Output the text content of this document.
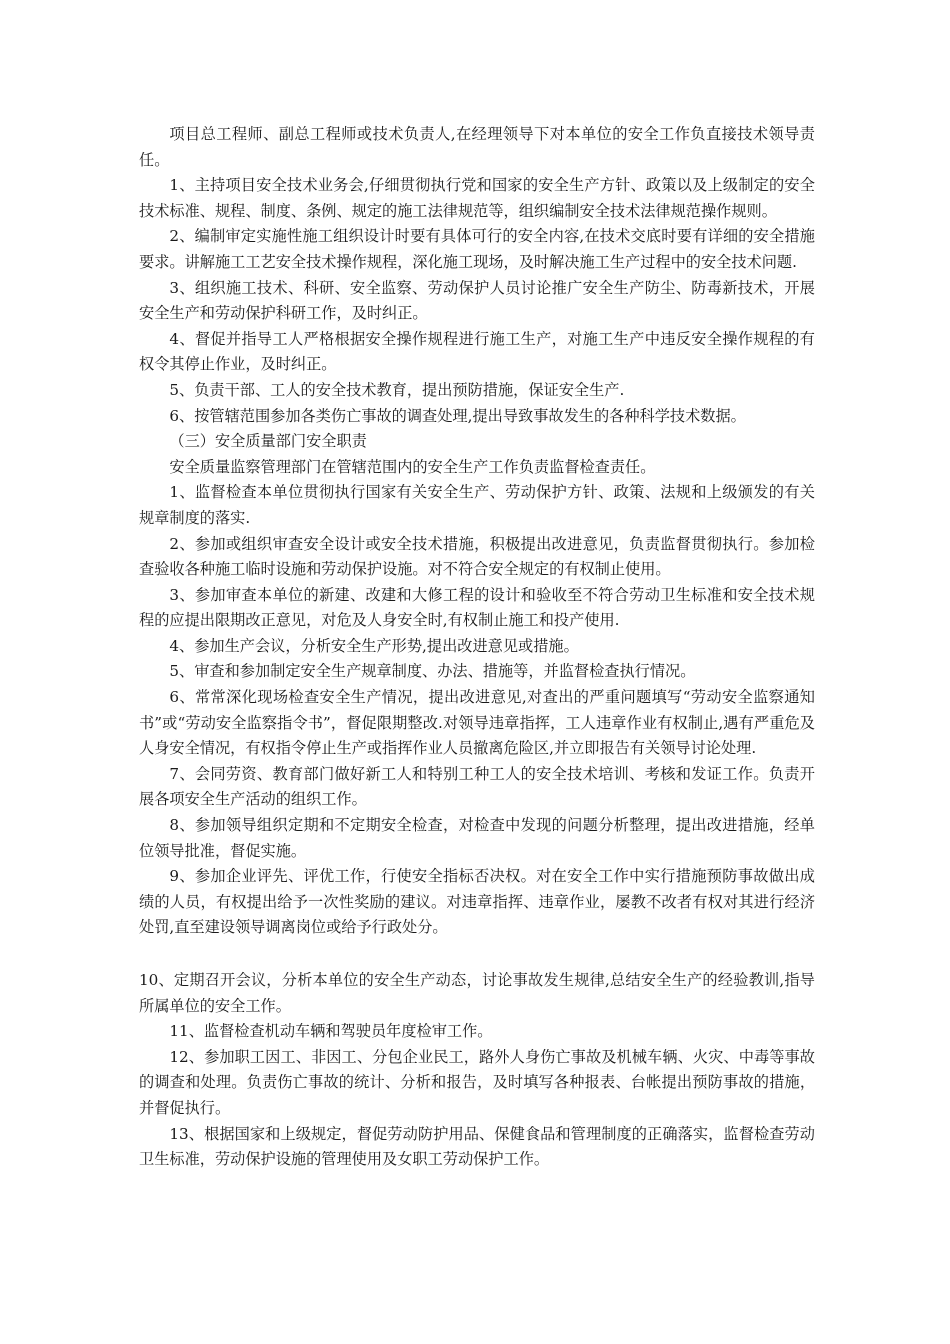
项目总工程师、副总工程师或技术负责人,在经理领导下对本单位的安全工作负直接技术领导责任。

1、主持项目安全技术业务会,仔细贯彻执行党和国家的安全生产方针、政策以及上级制定的安全技术标准、规程、制度、条例、规定的施工法律规范等，组织编制安全技术法律规范操作规则。

2、编制审定实施性施工组织设计时要有具体可行的安全内容,在技术交底时要有详细的安全措施要求。讲解施工工艺安全技术操作规程，深化施工现场，及时解决施工生产过程中的安全技术问题.

3、组织施工技术、科研、安全监察、劳动保护人员讨论推广安全生产防尘、防毒新技术，开展安全生产和劳动保护科研工作，及时纠正。

4、督促并指导工人严格根据安全操作规程进行施工生产，对施工生产中违反安全操作规程的有权令其停止作业，及时纠正。

5、负责干部、工人的安全技术教育，提出预防措施，保证安全生产.

6、按管辖范围参加各类伤亡事故的调查处理,提出导致事故发生的各种科学技术数据。

（三）安全质量部门安全职责

安全质量监察管理部门在管辖范围内的安全生产工作负责监督检查责任。

1、监督检查本单位贯彻执行国家有关安全生产、劳动保护方针、政策、法规和上级颁发的有关规章制度的落实.

2、参加或组织审查安全设计或安全技术措施，积极提出改进意见，负责监督贯彻执行。参加检查验收各种施工临时设施和劳动保护设施。对不符合安全规定的有权制止使用。

3、参加审查本单位的新建、改建和大修工程的设计和验收至不符合劳动卫生标准和安全技术规程的应提出限期改正意见，对危及人身安全时,有权制止施工和投产使用.

4、参加生产会议，分析安全生产形势,提出改进意见或措施。

5、审查和参加制定安全生产规章制度、办法、措施等，并监督检查执行情况。

6、常常深化现场检查安全生产情况，提出改进意见,对查出的严重问题填写“劳动安全监察通知书”或“劳动安全监察指令书”，督促限期整改.对领导违章指挥，工人违章作业有权制止,遇有严重危及人身安全情况，有权指令停止生产或指挥作业人员撤离危险区,并立即报告有关领导讨论处理.

7、会同劳资、教育部门做好新工人和特别工种工人的安全技术培训、考核和发证工作。负责开展各项安全生产活动的组织工作。

8、参加领导组织定期和不定期安全检查，对检查中发现的问题分析整理，提出改进措施，经单位领导批准，督促实施。

9、参加企业评先、评优工作，行使安全指标否决权。对在安全工作中实行措施预防事故做出成绩的人员，有权提出给予一次性奖励的建议。对违章指挥、违章作业，屡教不改者有权对其进行经济处罚,直至建设领导调离岗位或给予行政处分。

10、定期召开会议，分析本单位的安全生产动态，讨论事故发生规律,总结安全生产的经验教训,指导所属单位的安全工作。

11、监督检查机动车辆和驾驶员年度检审工作。

12、参加职工因工、非因工、分包企业民工，路外人身伤亡事故及机械车辆、火灾、中毒等事故的调查和处理。负责伤亡事故的统计、分析和报告，及时填写各种报表、台帐提出预防事故的措施，并督促执行。

13、根据国家和上级规定，督促劳动防护用品、保健食品和管理制度的正确落实，监督检查劳动卫生标准，劳动保护设施的管理使用及女职工劳动保护工作。
